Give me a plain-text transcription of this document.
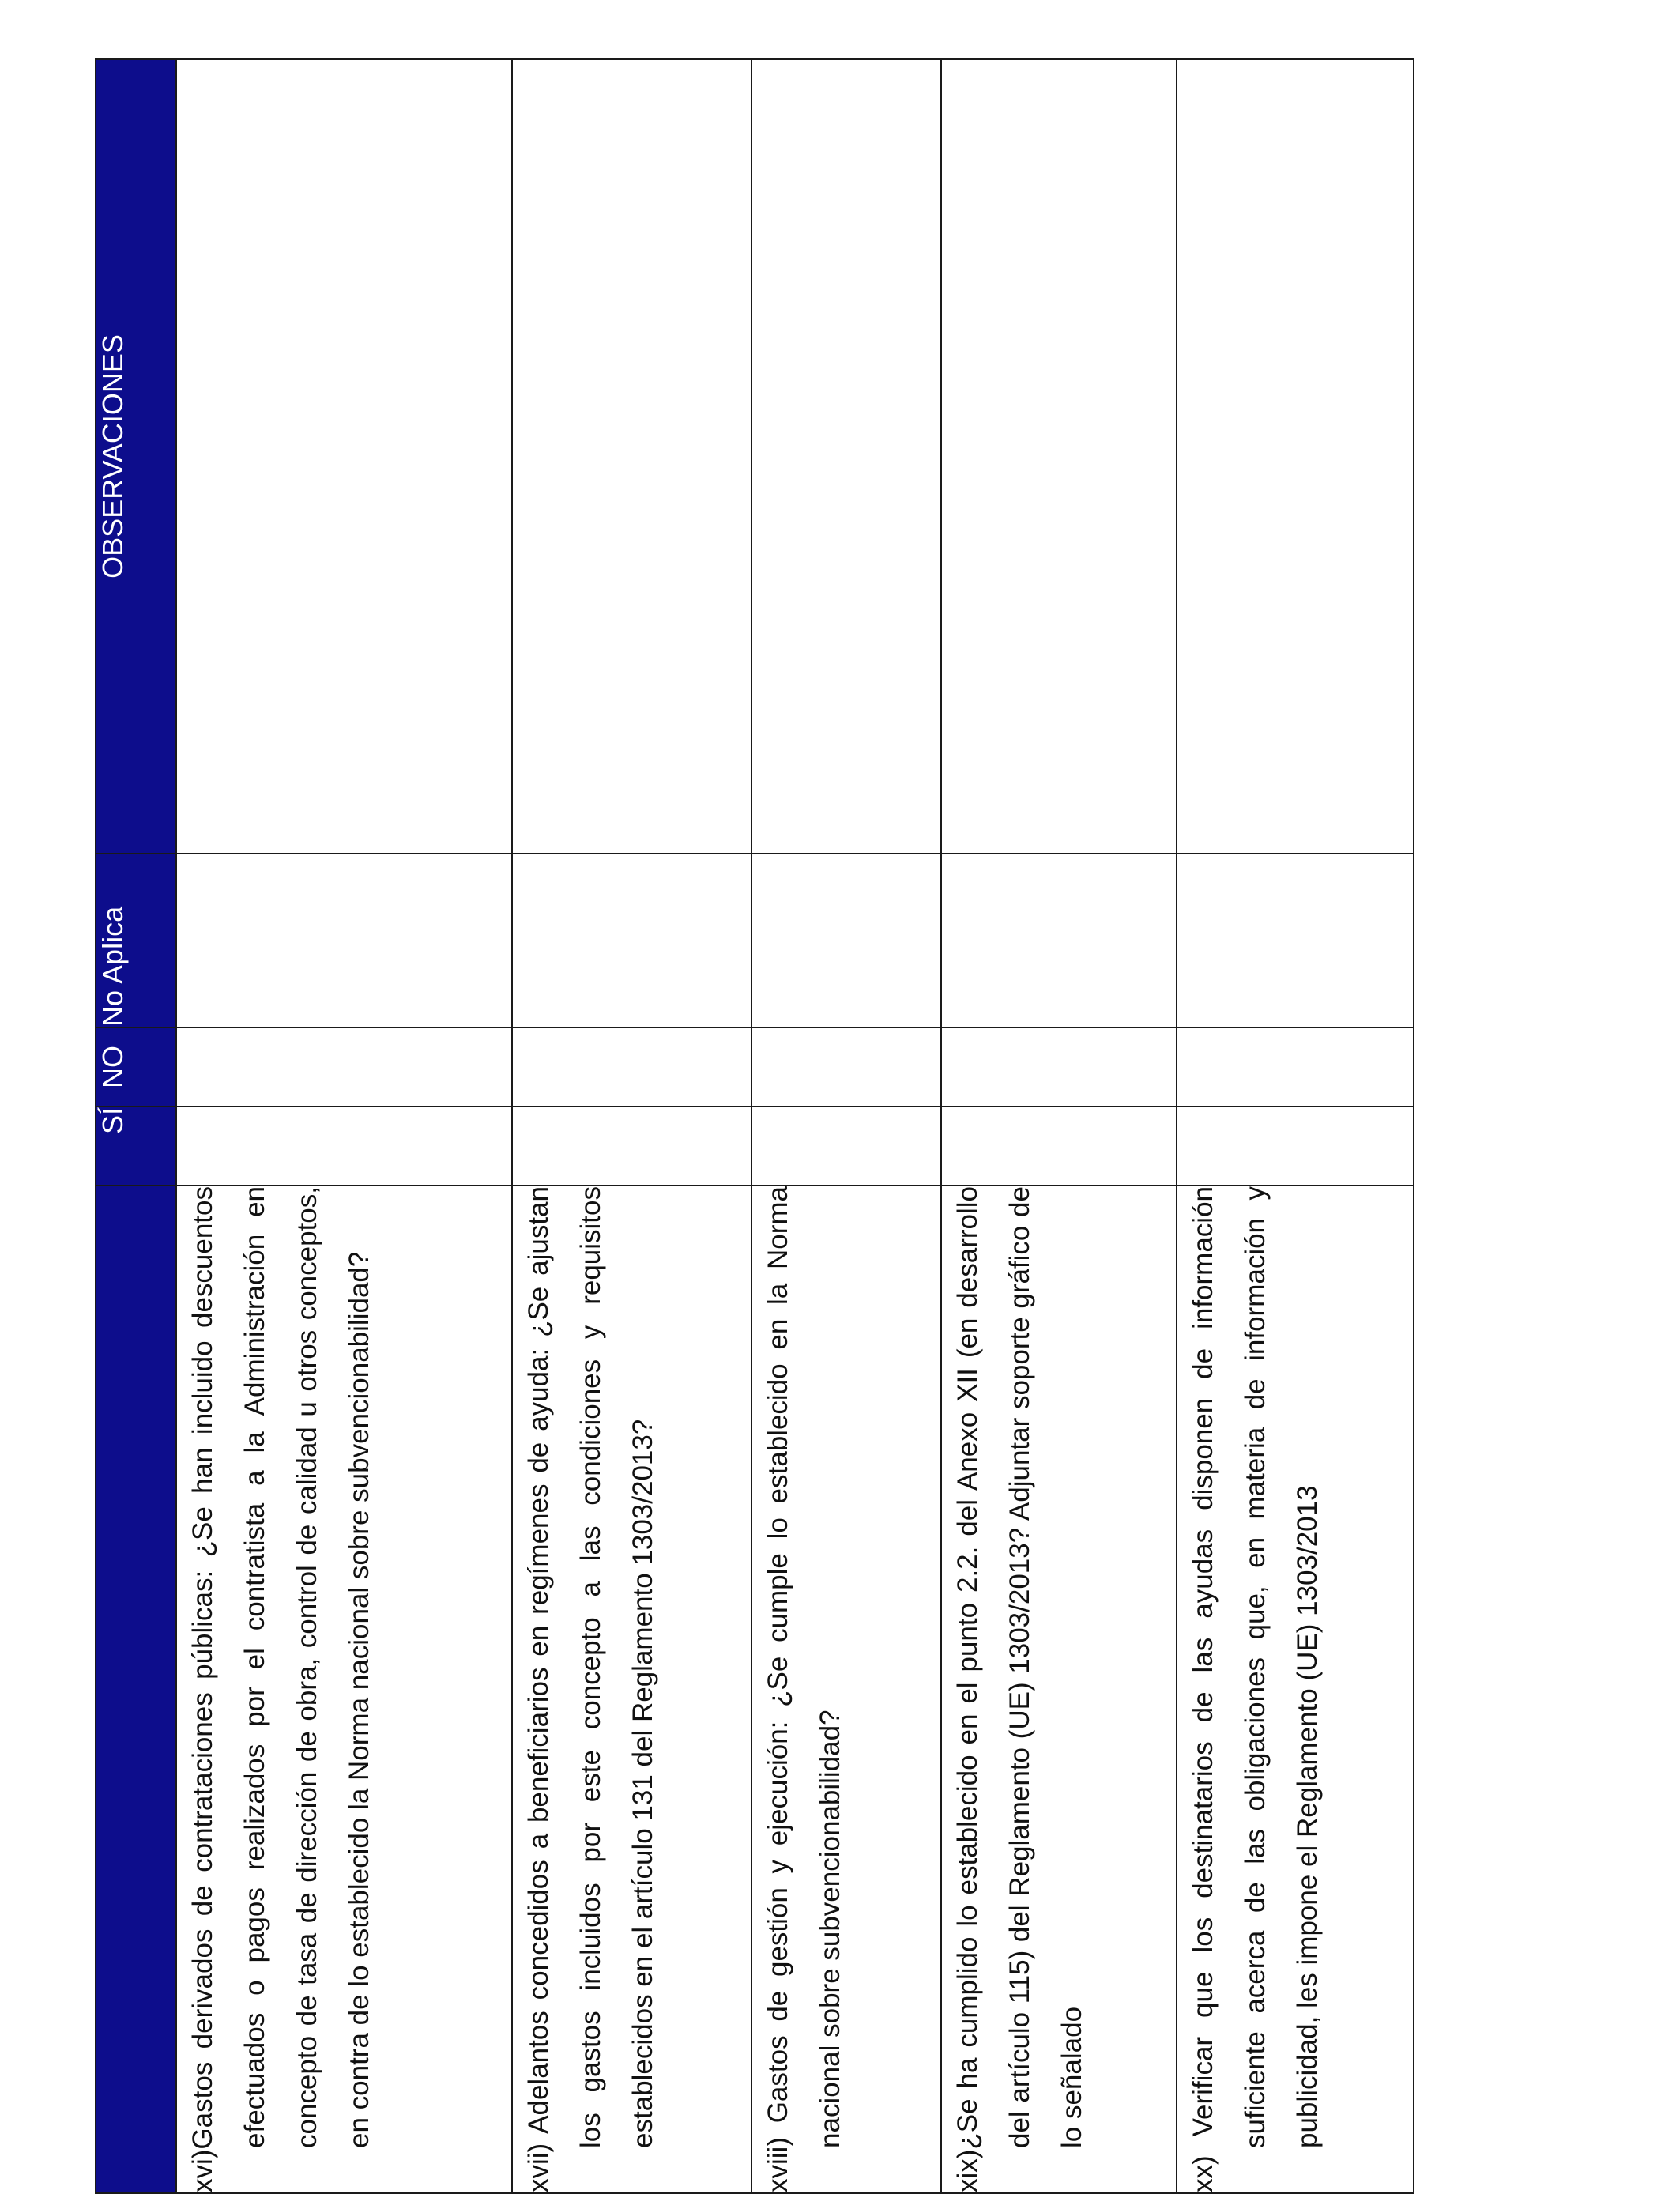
	SÍ	NO	No Aplica	OBSERVACIONES

xvi)Gastos derivados de contrataciones públicas: ¿Se han incluido descuentos efectuados o pagos realizados por el contratista a la Administración en concepto de tasa de dirección de obra, control de calidad u otros conceptos, en contra de lo establecido la Norma nacional sobre subvencionabilidad?				

xvii) Adelantos concedidos a beneficiarios en regímenes de ayuda: ¿Se ajustan los gastos incluidos por este concepto a las condiciones y requisitos establecidos en el artículo 131 del Reglamento 1303/2013?				

xviii) Gastos de gestión y ejecución: ¿Se cumple lo establecido en la Norma nacional sobre subvencionabilidad?				

xix)¿Se ha cumplido lo establecido en el punto 2.2. del Anexo XII (en desarrollo del artículo 115) del Reglamento (UE) 1303/2013? Adjuntar soporte gráfico de lo señalado				

xx) Verificar que los destinatarios de las ayudas disponen de información suficiente acerca de las obligaciones que, en materia de información y publicidad, les impone el Reglamento (UE) 1303/2013				
